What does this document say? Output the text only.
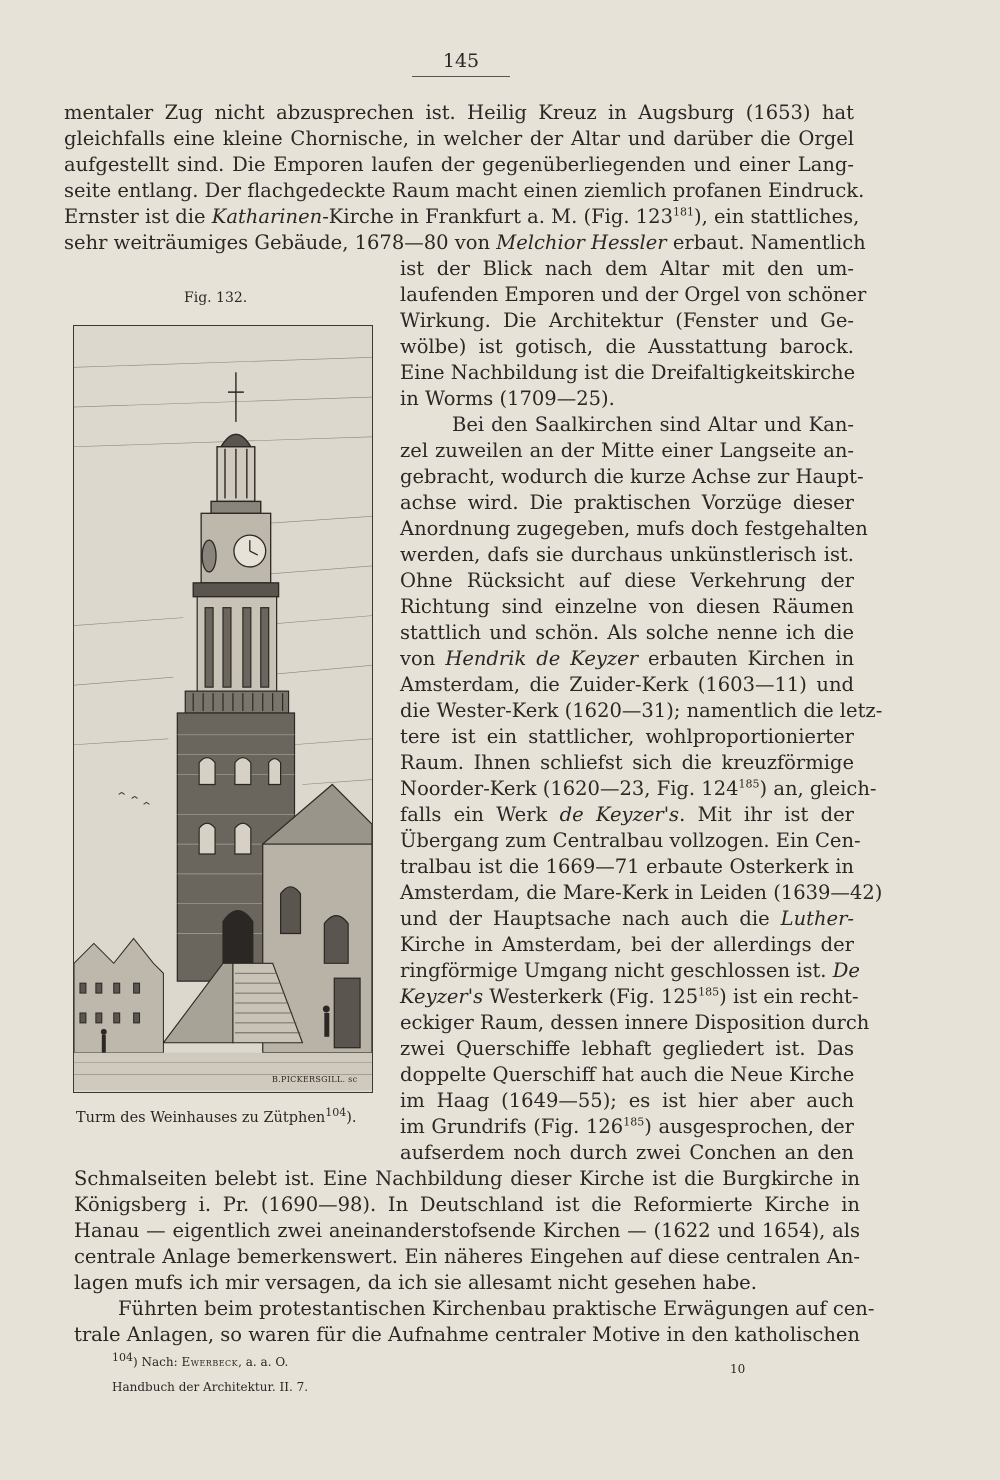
145
mentaler Zug nicht abzusprechen ist. Heilig Kreuz in Augsburg (1653) hat
gleichfalls eine kleine Chornische, in welcher der Altar und darüber die Orgel
aufgestellt sind. Die Emporen laufen der gegenüberliegenden und einer Lang-
seite entlang. Der flachgedeckte Raum macht einen ziemlich profanen Eindruck.
Ernster ist die Katharinen-Kirche in Frankfurt a. M. (Fig. $123^{181}$), ein stattliches,
sehr weiträumiges Gebäude, 1678—80 von Melchior Hessler erbaut. Namentlich
Fig. 132.
B.PICKERSGILL. sc
Turm des Weinhauses zu Zütphen$^{104}$).
ist der Blick nach dem Altar mit den um-
laufenden Emporen und der Orgel von schöner
Wirkung. Die Architektur (Fenster und Ge-
wölbe) ist gotisch, die Ausstattung barock.
Eine Nachbildung ist die Dreifaltigkeitskirche
in Worms (1709—25).
Bei den Saalkirchen sind Altar und Kan-
zel zuweilen an der Mitte einer Langseite an-
gebracht, wodurch die kurze Achse zur Haupt-
achse wird. Die praktischen Vorzüge dieser
Anordnung zugegeben, mufs doch festgehalten
werden, dafs sie durchaus unkünstlerisch ist.
Ohne Rücksicht auf diese Verkehrung der
Richtung sind einzelne von diesen Räumen
stattlich und schön. Als solche nenne ich die
von Hendrik de Keyzer erbauten Kirchen in
Amsterdam, die Zuider-Kerk (1603—11) und
die Wester-Kerk (1620—31); namentlich die letz-
tere ist ein stattlicher, wohlproportionierter
Raum. Ihnen schliefst sich die kreuzförmige
Noorder-Kerk (1620—23, Fig. $124^{185}$) an, gleich-
falls ein Werk de Keyzer's. Mit ihr ist der
Übergang zum Centralbau vollzogen. Ein Cen-
tralbau ist die 1669—71 erbaute Osterkerk in
Amsterdam, die Mare-Kerk in Leiden (1639—42)
und der Hauptsache nach auch die Luther-
Kirche in Amsterdam, bei der allerdings der
ringförmige Umgang nicht geschlossen ist. De
Keyzer's Westerkerk (Fig. $125^{185}$) ist ein recht-
eckiger Raum, dessen innere Disposition durch
zwei Querschiffe lebhaft gegliedert ist. Das
doppelte Querschiff hat auch die Neue Kirche
im Haag (1649—55); es ist hier aber auch
im Grundrifs (Fig. $126^{185}$) ausgesprochen, der
aufserdem noch durch zwei Conchen an den
Schmalseiten belebt ist. Eine Nachbildung dieser Kirche ist die Burgkirche in
Königsberg i. Pr. (1690—98). In Deutschland ist die Reformierte Kirche in
Hanau — eigentlich zwei aneinanderstofsende Kirchen — (1622 und 1654), als
centrale Anlage bemerkenswert. Ein näheres Eingehen auf diese centralen An-
lagen mufs ich mir versagen, da ich sie allesamt nicht gesehen habe.
Führten beim protestantischen Kirchenbau praktische Erwägungen auf cen-
trale Anlagen, so waren für die Aufnahme centraler Motive in den katholischen
104) Nach: Ewerbeck, a. a. O.
Handbuch der Architektur. II. 7.
10
